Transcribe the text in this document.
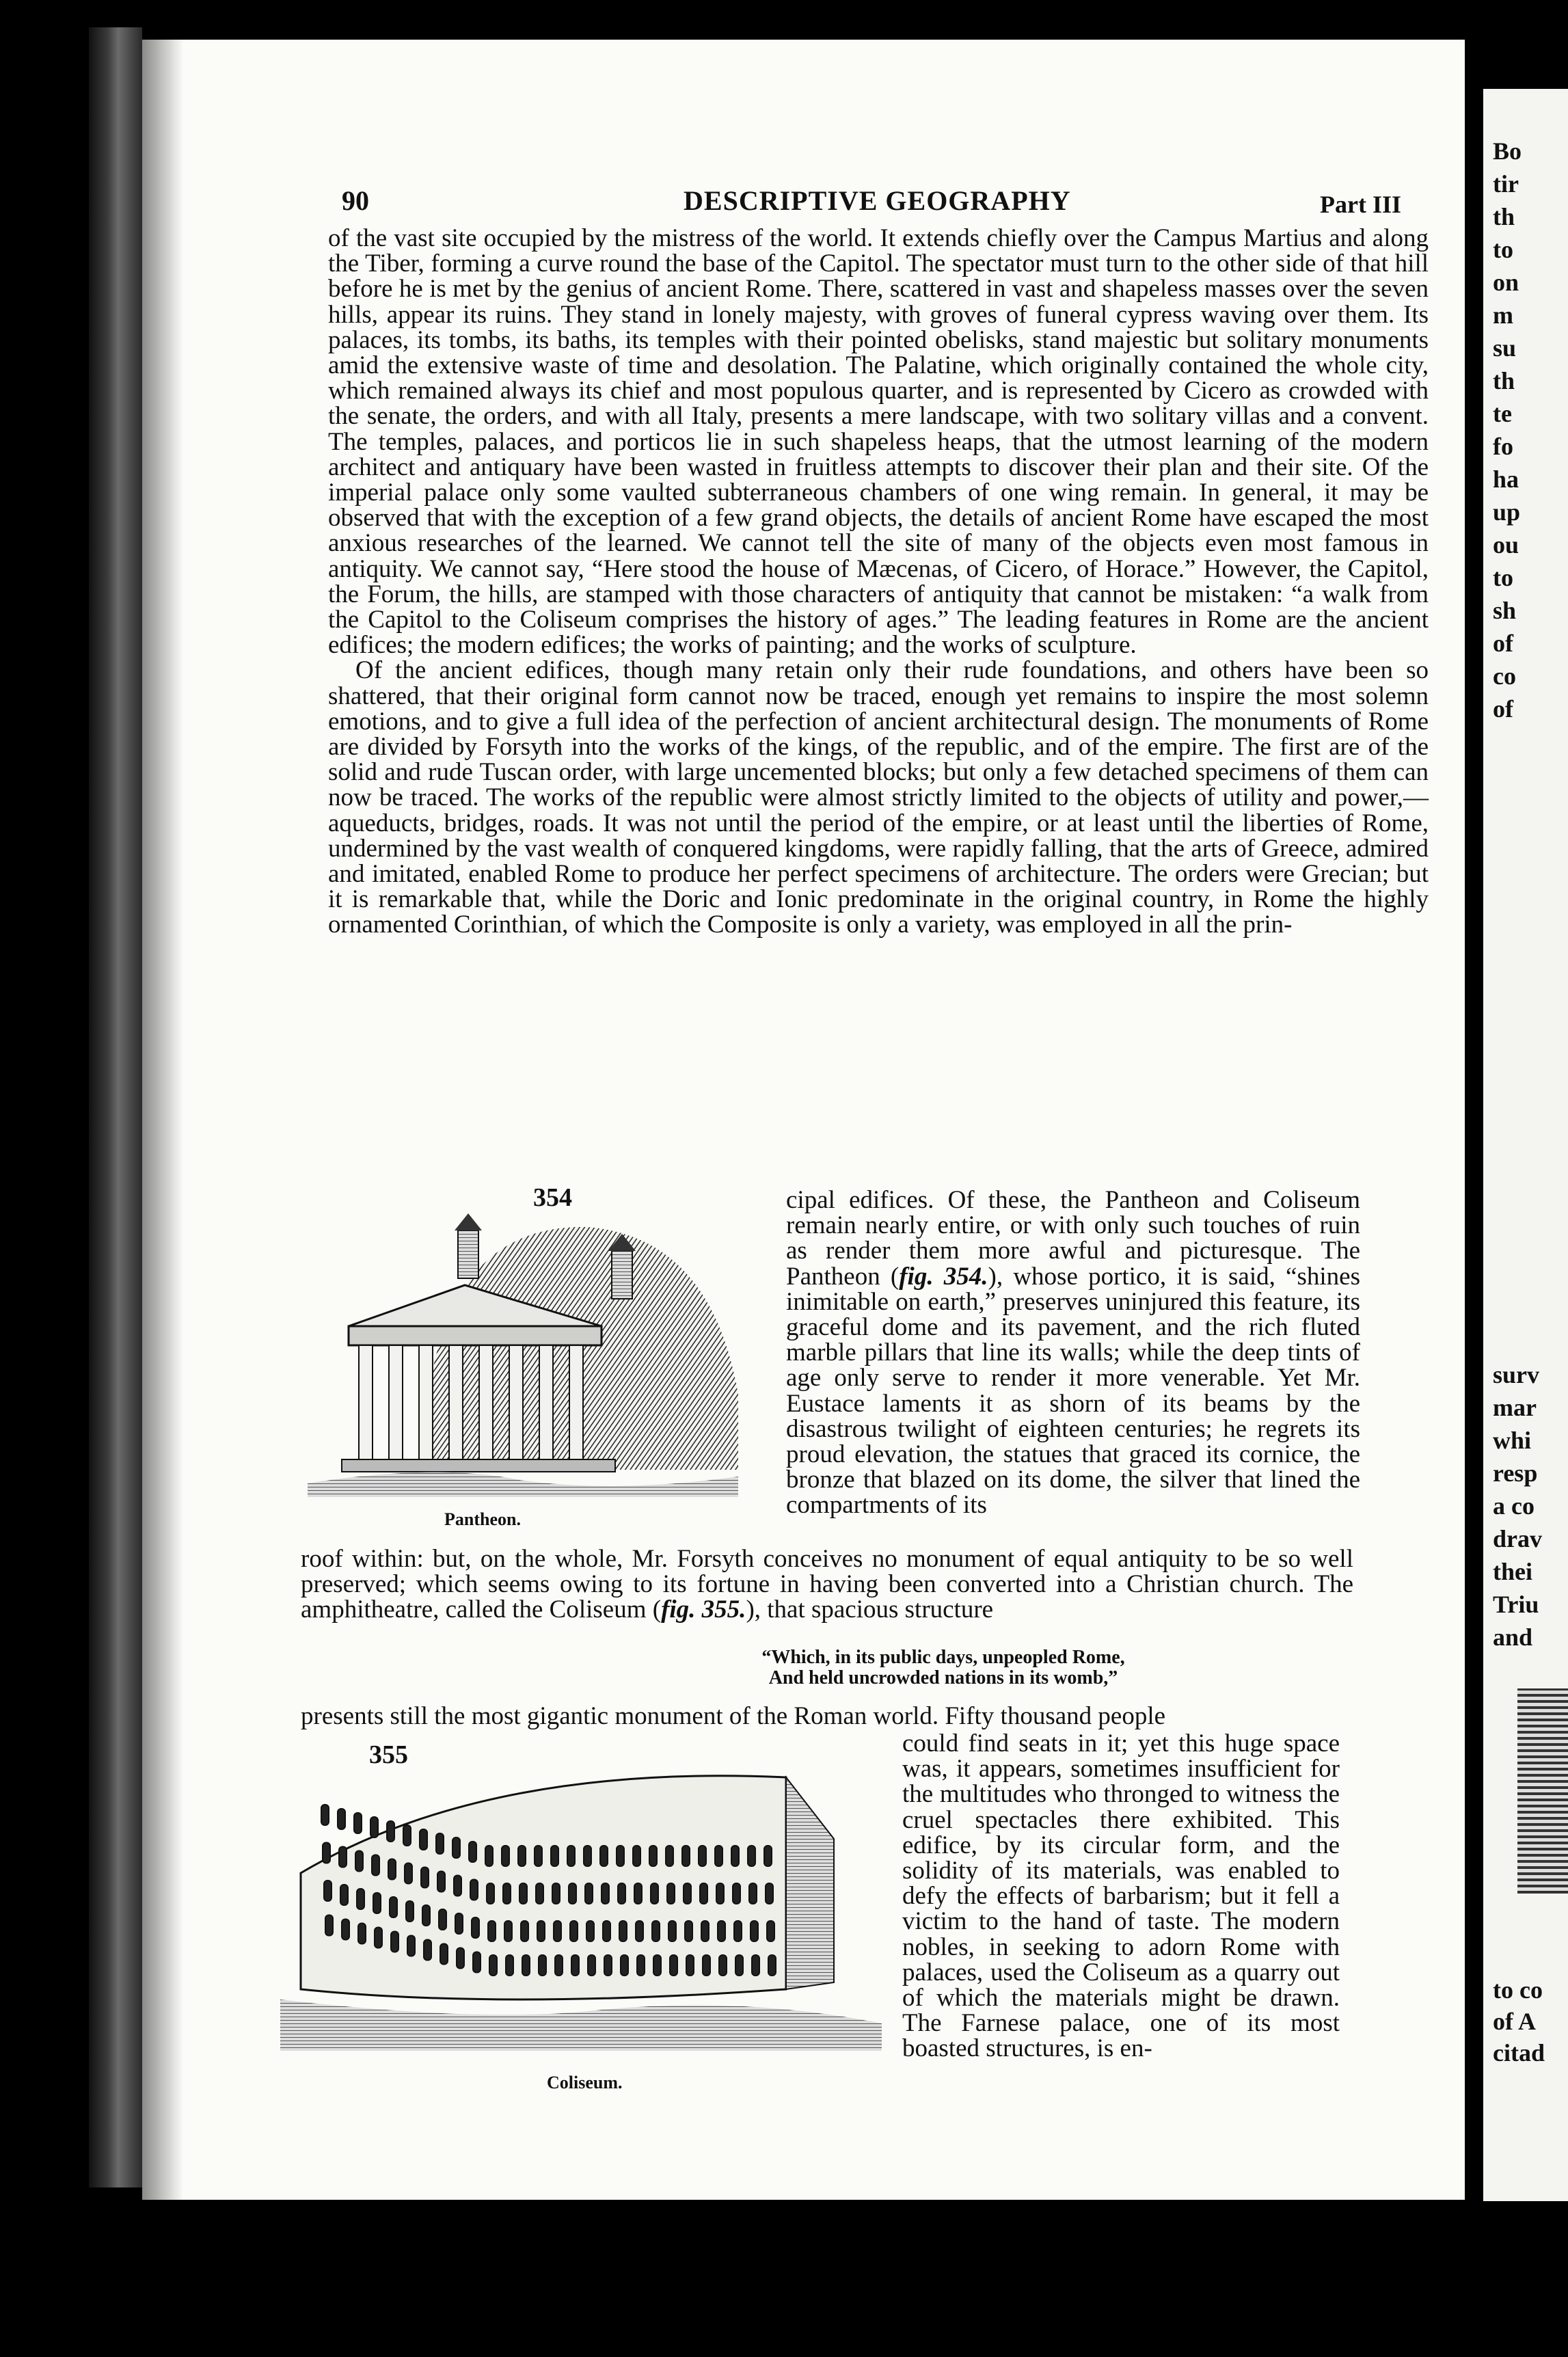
Bo
tir
th
to
on
m
su
th
te
fo
ha
up
ou
to
sh
of
co
of
surv
mar
whi
resp
a co
drav
thei
Triu
and
to co
of A
citad
90	DESCRIPTIVE GEOGRAPHY	Part III

of the vast site occupied by the mistress of the world. It extends chiefly over the Campus Martius and along the Tiber, forming a curve round the base of the Capitol. The spectator must turn to the other side of that hill before he is met by the genius of ancient Rome. There, scattered in vast and shapeless masses over the seven hills, appear its ruins. They stand in lonely majesty, with groves of funeral cypress waving over them. Its palaces, its tombs, its baths, its temples with their pointed obelisks, stand majestic but solitary monuments amid the extensive waste of time and desolation. The Palatine, which originally contained the whole city, which remained always its chief and most populous quarter, and is represented by Cicero as crowded with the senate, the orders, and with all Italy, presents a mere landscape, with two solitary villas and a convent. The temples, palaces, and porticos lie in such shapeless heaps, that the utmost learning of the modern architect and antiquary have been wasted in fruitless attempts to discover their plan and their site. Of the imperial palace only some vaulted subterraneous chambers of one wing remain. In general, it may be observed that with the exception of a few grand objects, the details of ancient Rome have escaped the most anxious researches of the learned. We cannot tell the site of many of the objects even most famous in antiquity. We cannot say, “Here stood the house of Mæcenas, of Cicero, of Horace.” However, the Capitol, the Forum, the hills, are stamped with those characters of antiquity that cannot be mistaken: “a walk from the Capitol to the Coliseum comprises the history of ages.” The leading features in Rome are the ancient edifices; the modern edifices; the works of painting; and the works of sculpture.

Of the ancient edifices, though many retain only their rude foundations, and others have been so shattered, that their original form cannot now be traced, enough yet remains to inspire the most solemn emotions, and to give a full idea of the perfection of ancient architectural design. The monuments of Rome are divided by Forsyth into the works of the kings, of the republic, and of the empire. The first are of the solid and rude Tuscan order, with large uncemented blocks; but only a few detached specimens of them can now be traced. The works of the republic were almost strictly limited to the objects of utility and power,—aqueducts, bridges, roads. It was not until the period of the empire, or at least until the liberties of Rome, undermined by the vast wealth of conquered kingdoms, were rapidly falling, that the arts of Greece, admired and imitated, enabled Rome to produce her perfect specimens of architecture. The orders were Grecian; but it is remarkable that, while the Doric and Ionic predominate in the original country, in Rome the highly ornamented Corinthian, of which the Composite is only a variety, was employed in all the prin-

354
Pantheon.

cipal edifices. Of these, the Pantheon and Coliseum remain nearly entire, or with only such touches of ruin as render them more awful and picturesque. The Pantheon (fig. 354.), whose portico, it is said, “shines inimitable on earth,” preserves uninjured this feature, its graceful dome and its pavement, and the rich fluted marble pillars that line its walls; while the deep tints of age only serve to render it more venerable. Yet Mr. Eustace laments it as shorn of its beams by the disastrous twilight of eighteen centuries; he regrets its proud elevation, the statues that graced its cornice, the bronze that blazed on its dome, the silver that lined the compartments of its

roof within: but, on the whole, Mr. Forsyth conceives no monument of equal antiquity to be so well preserved; which seems owing to its fortune in having been converted into a Christian church. The amphitheatre, called the Coliseum (fig. 355.), that spacious structure

“Which, in its public days, unpeopled Rome,
And held uncrowded nations in its womb,”

presents still the most gigantic monument of the Roman world. Fifty thousand people

355
Coliseum.

could find seats in it; yet this huge space was, it appears, sometimes insufficient for the multitudes who thronged to witness the cruel spectacles there exhibited. This edifice, by its circular form, and the solidity of its materials, was enabled to defy the effects of barbarism; but it fell a victim to the hand of taste. The modern nobles, in seeking to adorn Rome with palaces, used the Coliseum as a quarry out of which the materials might be drawn. The Farnese palace, one of its most boasted structures, is en-
